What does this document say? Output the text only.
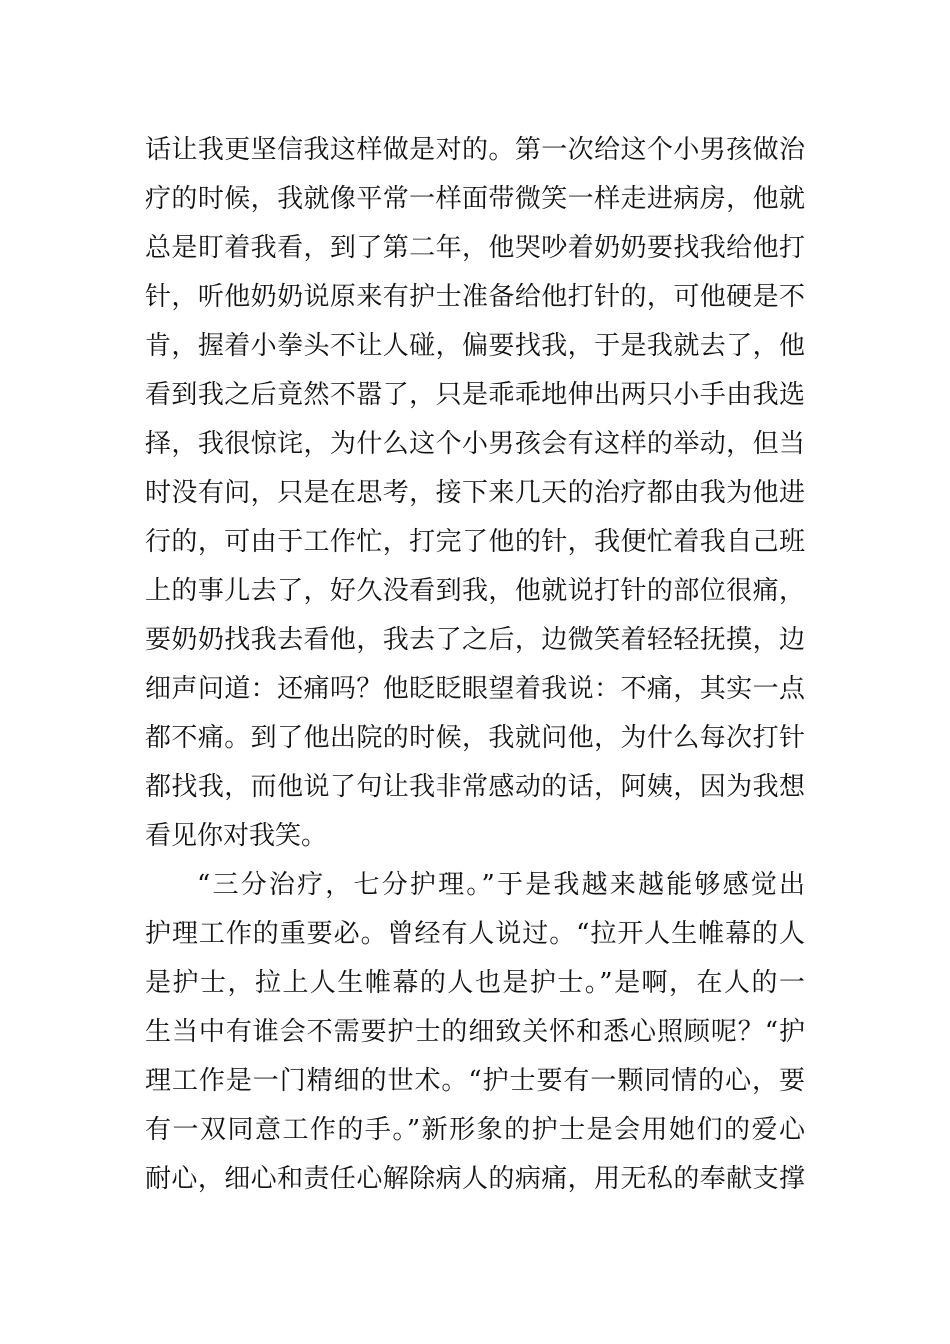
话让我更坚信我这样做是对的。第一次给这个小男孩做治
疗的时候，我就像平常一样面带微笑一样走进病房，他就
总是盯着我看，到了第二年，他哭吵着奶奶要找我给他打
针，听他奶奶说原来有护士准备给他打针的，可他硬是不
肯，握着小拳头不让人碰，偏要找我，于是我就去了，他
看到我之后竟然不嚣了，只是乖乖地伸出两只小手由我选
择，我很惊诧，为什么这个小男孩会有这样的举动，但当
时没有问，只是在思考，接下来几天的治疗都由我为他进
行的，可由于工作忙，打完了他的针，我便忙着我自己班
上的事儿去了，好久没看到我，他就说打针的部位很痛，
要奶奶找我去看他，我去了之后，边微笑着轻轻抚摸，边
细声问道：还痛吗？他眨眨眼望着我说：不痛，其实一点
都不痛。到了他出院的时候，我就问他，为什么每次打针
都找我，而他说了句让我非常感动的话，阿姨，因为我想
看见你对我笑。
“三分治疗，七分护理。”于是我越来越能够感觉出
护理工作的重要必。曾经有人说过。“拉开人生帷幕的人
是护士，拉上人生帷幕的人也是护士。”是啊，在人的一
生当中有谁会不需要护士的细致关怀和悉心照顾呢？“护
理工作是一门精细的世术。“护士要有一颗同情的心，要
有一双同意工作的手。”新形象的护士是会用她们的爱心
耐心，细心和责任心解除病人的病痛，用无私的奉献支撑
